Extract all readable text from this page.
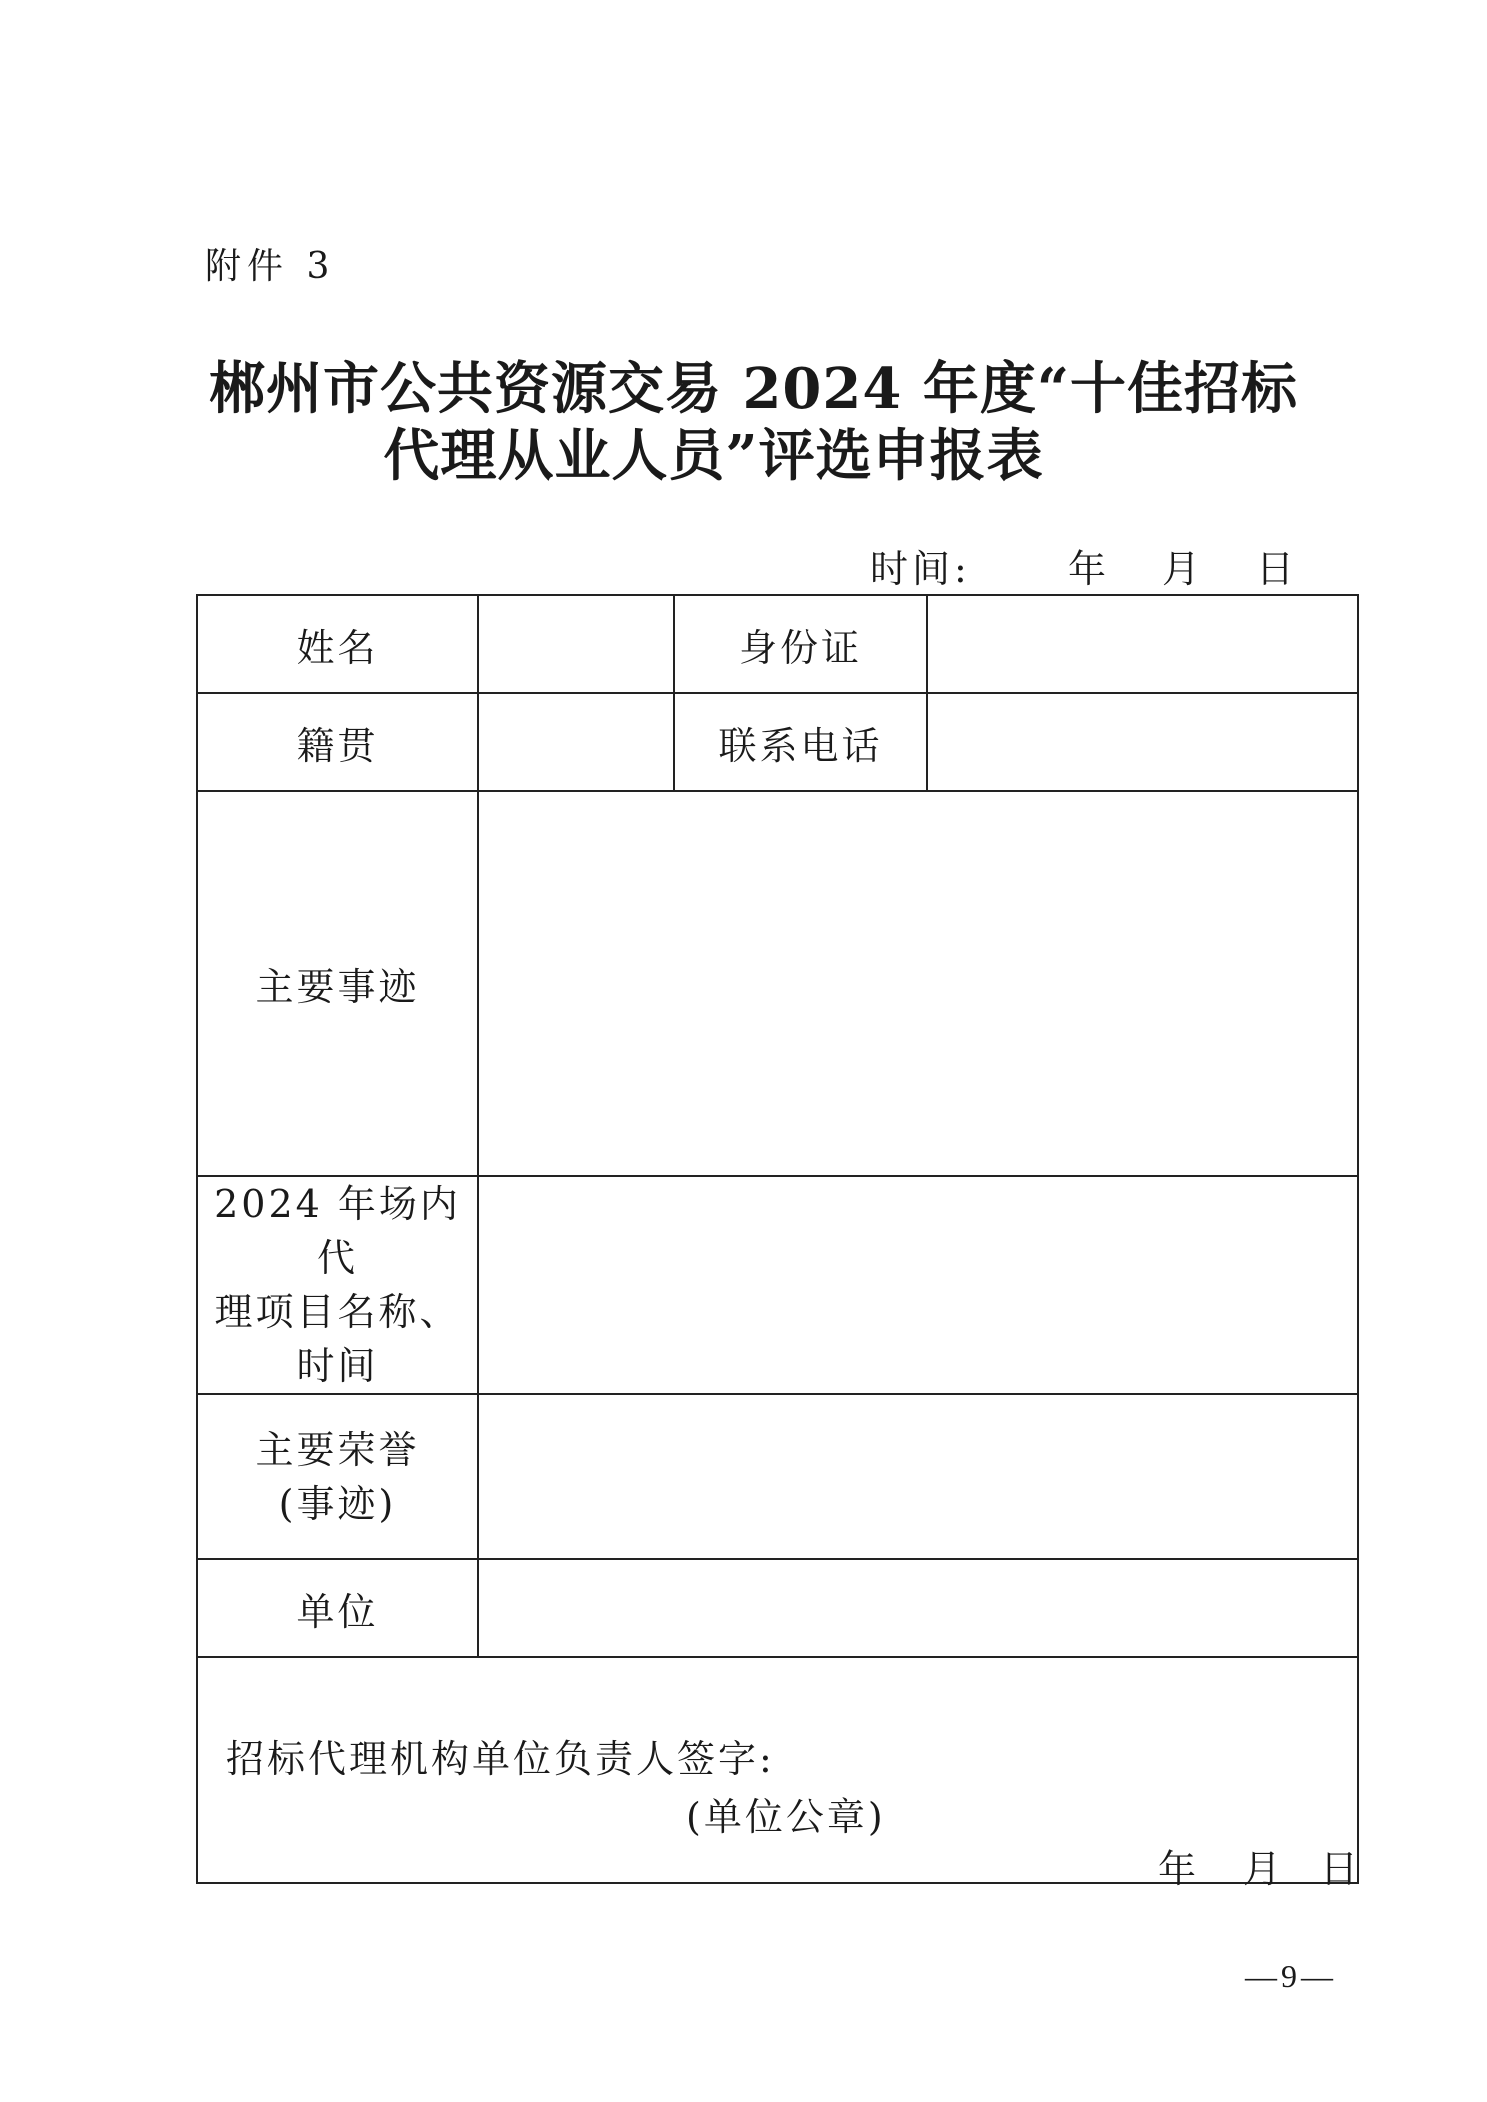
附件 3
郴州市公共资源交易 2024 年度“十佳招标
代理从业人员”评选申报表
时间:	年 月 日
姓名		身份证	
籍贯		联系电话	
主要事迹			

2024 年场内代
理项目名称、
时间			

主要荣誉
(事迹)			

单位			

招标代理机构单位负责人签字:
(单位公章)
年 月 日			
—9—
